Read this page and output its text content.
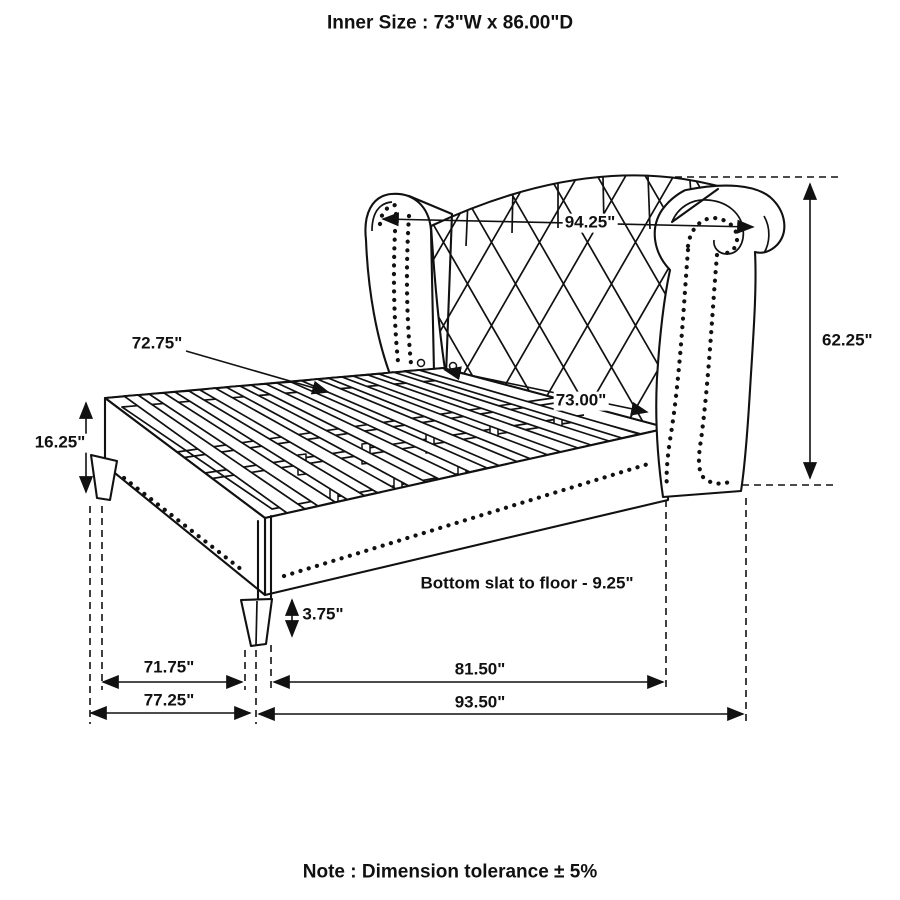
Inner Size : 73"W x 86.00"D
94.25"
62.25"
72.75"
73.00"
16.25"
Bottom slat to floor - 9.25"
3.75"
71.75"
77.25"
81.50"
93.50"
Note : Dimension tolerance ± 5%
